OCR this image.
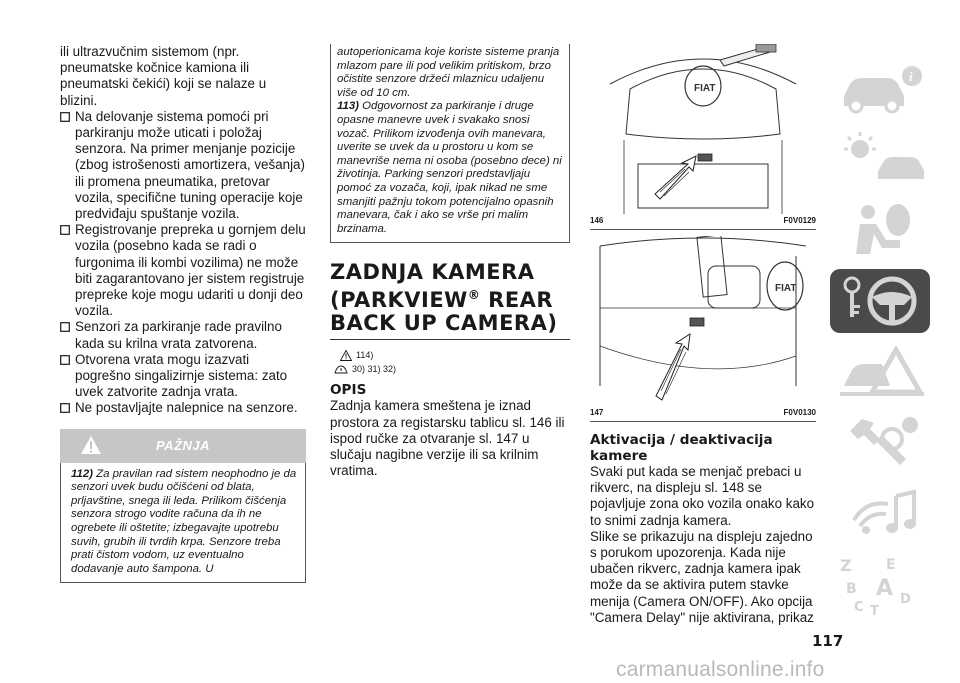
ili ultrazvučnim sistemom (npr. pneumatske kočnice kamiona ili pneumatski čekići) koji se nalaze u blizini.

Na delovanje sistema pomoći pri parkiranju može uticati i položaj senzora. Na primer menjanje pozicije (zbog istrošenosti amortizera, vešanja) ili promena pneumatika, pretovar vozila, specifične tuning operacije koje predviđaju spuštanje vozila.

Registrovanje prepreka u gornjem delu vozila (posebno kada se radi o furgonima ili kombi vozilima) ne može biti zagarantovano jer sistem registruje prepreke koje mogu udariti u donji deo vozila.

Senzori za parkiranje rade pravilno kada su krilna vrata zatvorena.

Otvorena vrata mogu izazvati pogrešno singalizirnje sistema: zato uvek zatvorite zadnja vrata.

Ne postavljajte nalepnice na senzore.

PAŽNJA
112) Za pravilan rad sistem neophodno je da senzori uvek budu očišćeni od blata, prljavštine, snega ili leda. Prilikom čišćenja senzora strogo vodite računa da ih ne ogrebete ili oštetite; izbegavajte upotrebu suvih, grubih ili tvrdih krpa. Senzore treba prati čistom vodom, uz eventualno dodavanje auto šampona. U
autoperionicama koje koriste sisteme pranja mlazom pare ili pod velikim pritiskom, brzo očistite senzore držeći mlaznicu udaljenu više od 10 cm.
113) Odgovornost za parkiranje i druge opasne manevre uvek i svakako snosi vozač. Prilikom izvođenja ovih manevara, uverite se uvek da u prostoru u kom se manevriše nema ni osoba (posebno dece) ni životinja. Parking senzori predstavljaju pomoć za vozača, koji, ipak nikad ne sme smanjiti pažnju tokom potencijalno opasnih manevara, čak i ako se vrše pri malim brzinama.
ZADNJA KAMERA
(PARKVIEW® REAR
BACK UP CAMERA)
114)
30) 31) 32)
OPIS

Zadnja kamera smeštena je iznad prostora za registarsku tablicu sl. 146 ili ispod ručke za otvaranje sl. 147 u slučaju nagibne verzije ili sa krilnim vratima.

FIAT
146	F0V0129
FIAT
147	F0V0130
Aktivacija / deaktivacija kamere

Svaki put kada se menjač prebaci u rikverc, na displeju sl. 148 se pojavljuje zona oko vozila onako kako to snimi zadnja kamera.

Slike se prikazuju na displeju zajedno s porukom upozorenja. Kada nije ubačen rikverc, zadnja kamera ipak može da se aktivira putem stavke menija (Camera ON/OFF). Ako opcija "Camera Delay" nije aktivirana, prikaz

i
Z E
B A
C
D
T
117
carmanualsonline.info
